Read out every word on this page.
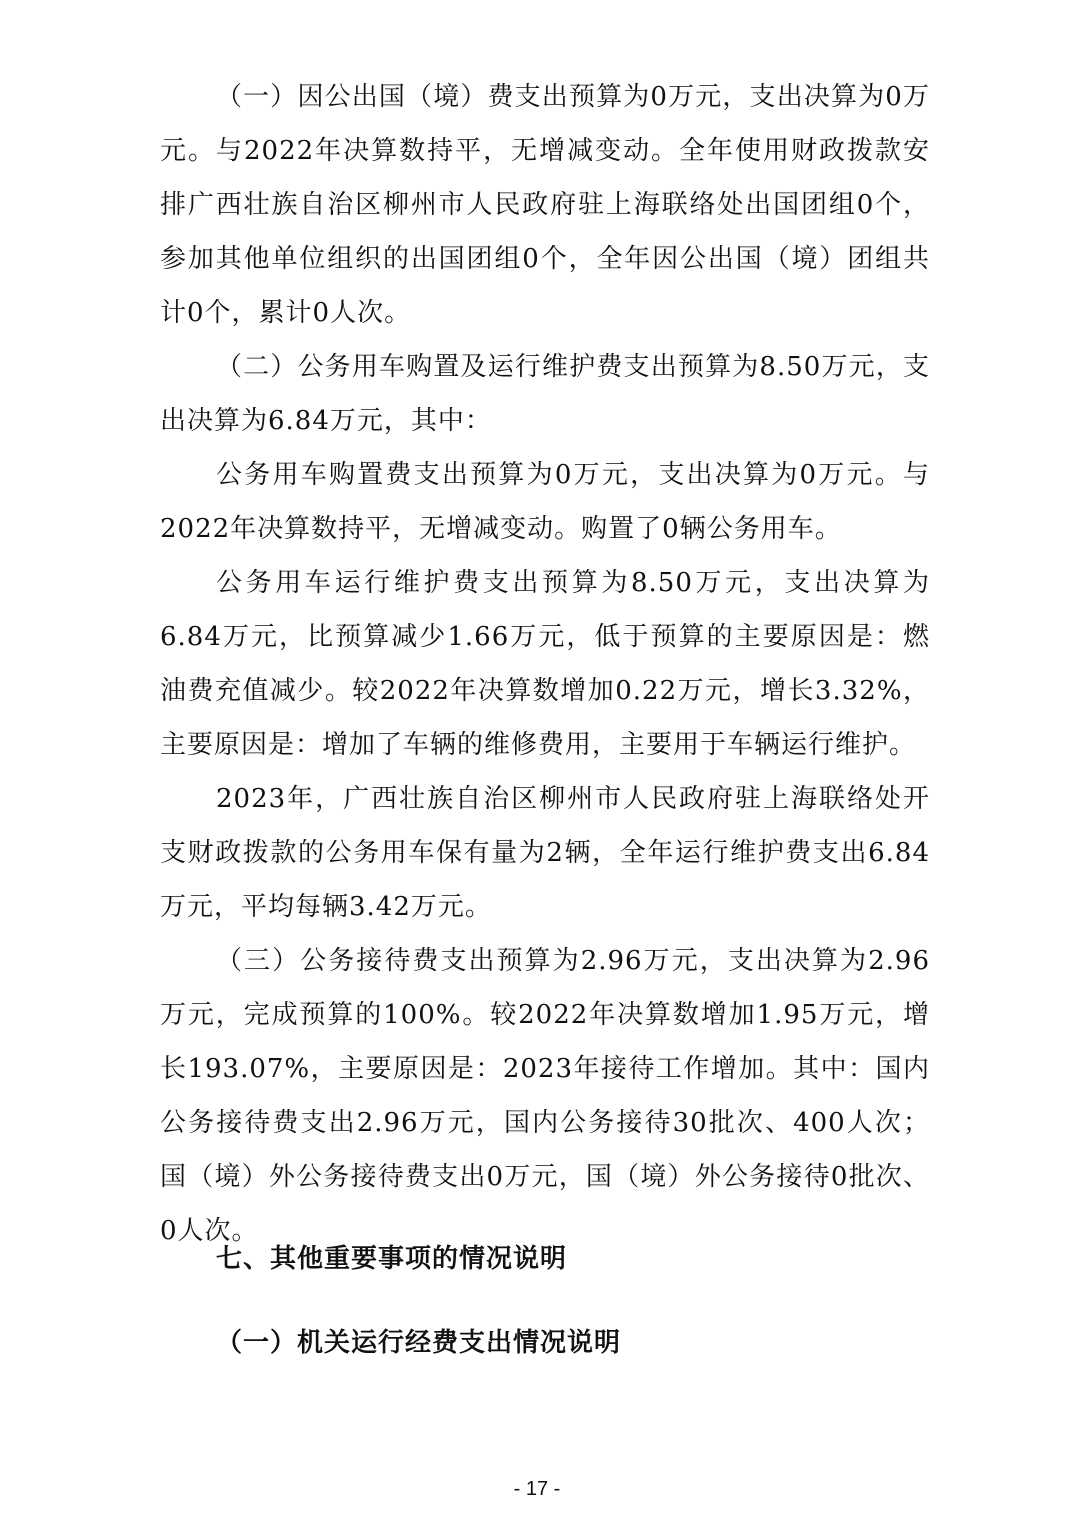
（一）因公出国（境）费支出预算为0万元，支出决算为0万元。与2022年决算数持平，无增减变动。全年使用财政拨款安排广西壮族自治区柳州市人民政府驻上海联络处出国团组0个，参加其他单位组织的出国团组0个，全年因公出国（境）团组共计0个，累计0人次。

（二）公务用车购置及运行维护费支出预算为8.50万元，支出决算为6.84万元，其中：

公务用车购置费支出预算为0万元，支出决算为0万元。与2022年决算数持平，无增减变动。购置了0辆公务用车。

公务用车运行维护费支出预算为8.50万元，支出决算为6.84万元，比预算减少1.66万元，低于预算的主要原因是：燃油费充值减少。较2022年决算数增加0.22万元，增长3.32%，主要原因是：增加了车辆的维修费用，主要用于车辆运行维护。

2023年，广西壮族自治区柳州市人民政府驻上海联络处开支财政拨款的公务用车保有量为2辆，全年运行维护费支出6.84万元，平均每辆3.42万元。

（三）公务接待费支出预算为2.96万元，支出决算为2.96万元，完成预算的100%。较2022年决算数增加1.95万元，增长193.07%，主要原因是：2023年接待工作增加。其中：国内公务接待费支出2.96万元，国内公务接待30批次、400人次；国（境）外公务接待费支出0万元，国（境）外公务接待0批次、0人次。

七、其他重要事项的情况说明
（一）机关运行经费支出情况说明
- 17 -
